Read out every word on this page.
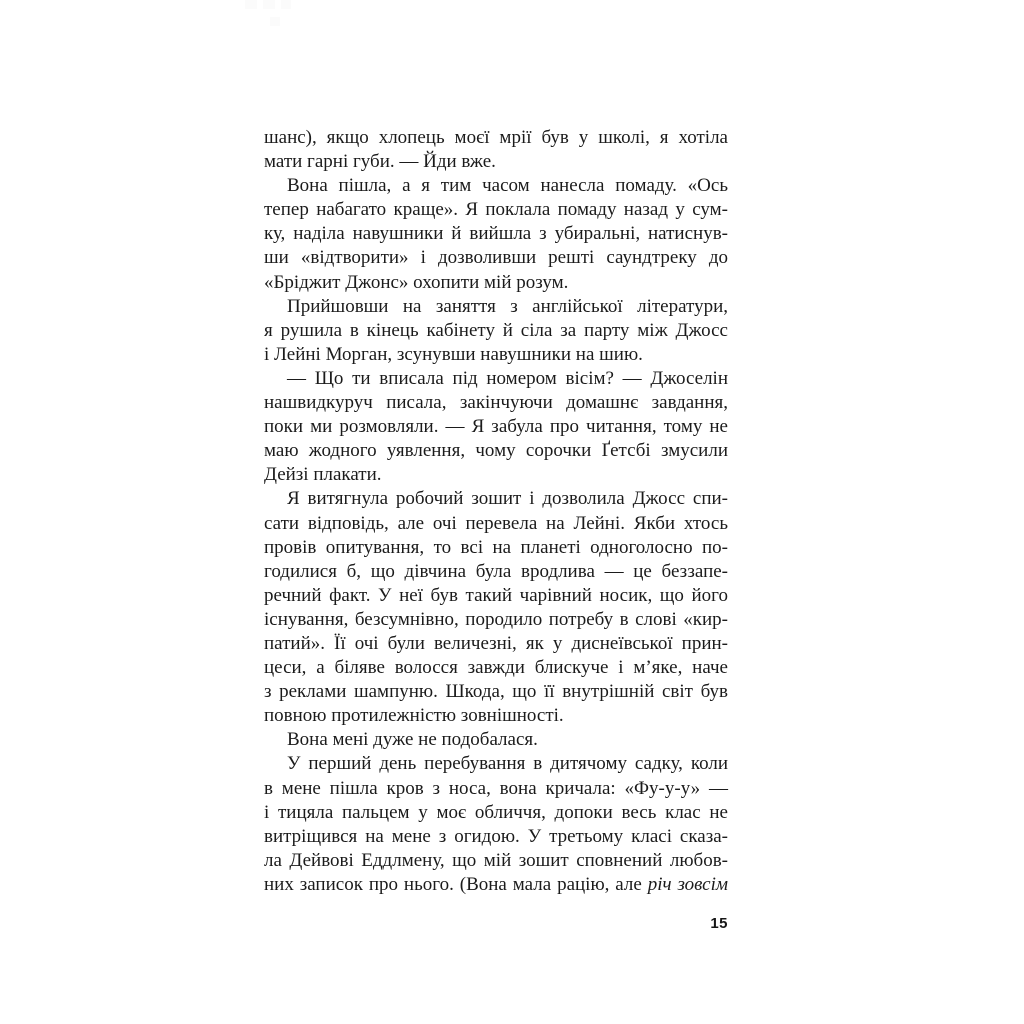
шанс), якщо хлопець моєї мрії був у школі, я хотіла
мати гарні губи. — Йди вже.
Вона пішла, а я тим часом нанесла помаду. «Ось
тепер набагато краще». Я поклала помаду назад у сум-
ку, наділа навушники й вийшла з убиральні, натиснув-
ши «відтворити» і дозволивши решті саундтреку до
«Бріджит Джонс» охопити мій розум.
Прийшовши на заняття з англійської літератури,
я рушила в кінець кабінету й сіла за парту між Джосс
і Лейні Морган, зсунувши навушники на шию.
— Що ти вписала під номером вісім? — Джоселін
нашвидкуруч писала, закінчуючи домашнє завдання,
поки ми розмовляли. — Я забула про читання, тому не
маю жодного уявлення, чому сорочки Ґетсбі змусили
Дейзі плакати.
Я витягнула робочий зошит і дозволила Джосс спи-
сати відповідь, але очі перевела на Лейні. Якби хтось
провів опитування, то всі на планеті одноголосно по-
годилися б, що дівчина була вродлива — це беззапе-
речний факт. У неї був такий чарівний носик, що його
існування, безсумнівно, породило потребу в слові «кир-
патий». Її очі були величезні, як у диснеївської прин-
цеси, а біляве волосся завжди блискуче і м’яке, наче
з реклами шампуню. Шкода, що її внутрішній світ був
повною протилежністю зовнішності.
Вона мені дуже не подобалася.
У перший день перебування в дитячому садку, коли
в мене пішла кров з носа, вона кричала: «Фу-у-у» —
і тицяла пальцем у моє обличчя, допоки весь клас не
витріщився на мене з огидою. У третьому класі сказа-
ла Дейвові Еддлмену, що мій зошит сповнений любов-
них записок про нього. (Вона мала рацію, але річ зовсім
15
